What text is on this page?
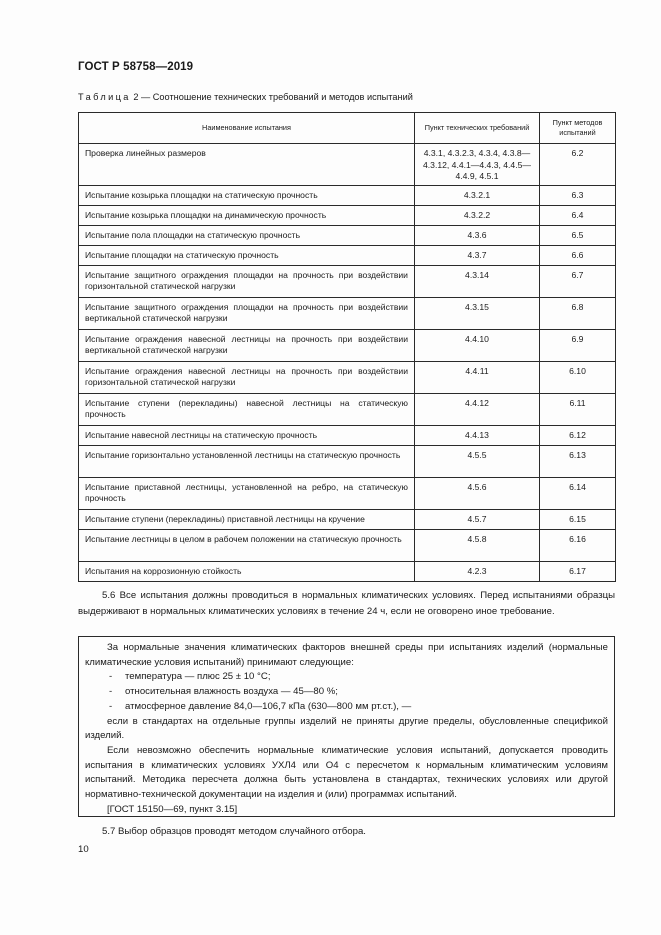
ГОСТ Р 58758—2019
Таблица 2 — Соотношение технических требований и методов испытаний
Наименование испытания	Пункт технических требований	Пункт методов испытаний
Проверка линейных размеров	4.3.1, 4.3.2.3, 4.3.4, 4.3.8—4.3.12, 4.4.1—4.4.3, 4.4.5—4.4.9, 4.5.1	6.2
Испытание козырька площадки на статическую прочность	4.3.2.1	6.3
Испытание козырька площадки на динамическую прочность	4.3.2.2	6.4
Испытание пола площадки на статическую прочность	4.3.6	6.5
Испытание площадки на статическую прочность	4.3.7	6.6
Испытание защитного ограждения площадки на прочность при воздействии горизонтальной статической нагрузки	4.3.14	6.7
Испытание защитного ограждения площадки на прочность при воздействии вертикальной статической нагрузки	4.3.15	6.8
Испытание ограждения навесной лестницы на прочность при воздействии вертикальной статической нагрузки	4.4.10	6.9
Испытание ограждения навесной лестницы на прочность при воздействии горизонтальной статической нагрузки	4.4.11	6.10
Испытание ступени (перекладины) навесной лестницы на статическую прочность	4.4.12	6.11
Испытание навесной лестницы на статическую прочность	4.4.13	6.12
Испытание горизонтально установленной лестницы на статическую прочность	4.5.5	6.13
Испытание приставной лестницы, установленной на ребро, на статическую прочность	4.5.6	6.14
Испытание ступени (перекладины) приставной лестницы на кручение	4.5.7	6.15
Испытание лестницы в целом в рабочем положении на статическую прочность	4.5.8	6.16
Испытания на коррозионную стойкость	4.2.3	6.17
5.6 Все испытания должны проводиться в нормальных климатических условиях. Перед испытаниями образцы выдерживают в нормальных климатических условиях в течение 24 ч, если не оговорено иное требование.
За нормальные значения климатических факторов внешней среды при испытаниях изделий (нормальные климатические условия испытаний) принимают следующие:
- температура — плюс 25 ± 10 °С;
- относительная влажность воздуха — 45—80 %;
- атмосферное давление 84,0—106,7 кПа (630—800 мм рт.ст.), —
если в стандартах на отдельные группы изделий не приняты другие пределы, обусловленные спецификой изделий.
Если невозможно обеспечить нормальные климатические условия испытаний, допускается проводить испытания в климатических условиях УХЛ4 или О4 с пересчетом к нормальным климатическим условиям испытаний. Методика пересчета должна быть установлена в стандартах, технических условиях или другой нормативно-технической документации на изделия и (или) программах испытаний.
[ГОСТ 15150—69, пункт 3.15]
5.7 Выбор образцов проводят методом случайного отбора.
10
